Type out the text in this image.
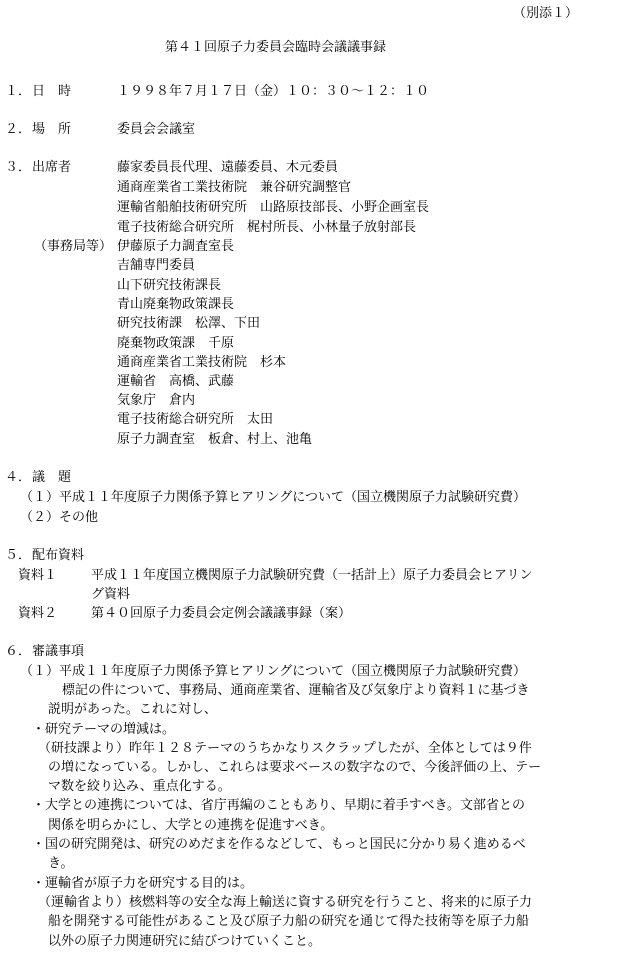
（別添１）
第４１回原子力委員会臨時会議議事録
１． 日　時	１９９８年７月１７日（金）１０：３０～１２：１０
２． 場　所	委員会会議室
３． 出席者	藤家委員長代理、遠藤委員、木元委員
通商産業省工業技術院　兼谷研究調整官
運輸省船舶技術研究所　山路原技部長、小野企画室長
電子技術総合研究所　梶村所長、小林量子放射部長
（事務局等） 伊藤原子力調査室長
吉舗専門委員
山下研究技術課長
青山廃棄物政策課長
研究技術課　松澤、下田
廃棄物政策課　千原
通商産業省工業技術院　杉本
運輸省　高橋、武藤
気象庁　倉内
電子技術総合研究所　太田
原子力調査室　板倉、村上、池亀
４． 議　題
（１）平成１１年度原子力関係予算ヒアリングについて（国立機関原子力試験研究費）
（２）その他
５． 配布資料
資料１	平成１１年度国立機関原子力試験研究費（一括計上）原子力委員会ヒアリン
グ資料
資料２	第４０回原子力委員会定例会議議事録（案）
６． 審議事項
（１）平成１１年度原子力関係予算ヒアリングについて（国立機関原子力試験研究費）
標記の件について、事務局、通商産業省、運輸省及び気象庁より資料１に基づき
説明があった。これに対し、
・研究テーマの増減は。
（研技課より）昨年１２８テーマのうちかなりスクラップしたが、全体としては９件
の増になっている。しかし、これらは要求ベースの数字なので、今後評価の上、テー
マ数を絞り込み、重点化する。
・大学との連携については、省庁再編のこともあり、早期に着手すべき。文部省との
関係を明らかにし、大学との連携を促進すべき。
・国の研究開発は、研究のめだまを作るなどして、もっと国民に分かり易く進めるべ
き。
・運輸省が原子力を研究する目的は。
（運輸省より）核燃料等の安全な海上輸送に資する研究を行うこと、将来的に原子力
船を開発する可能性があること及び原子力船の研究を通じて得た技術等を原子力船
以外の原子力関連研究に結びつけていくこと。
